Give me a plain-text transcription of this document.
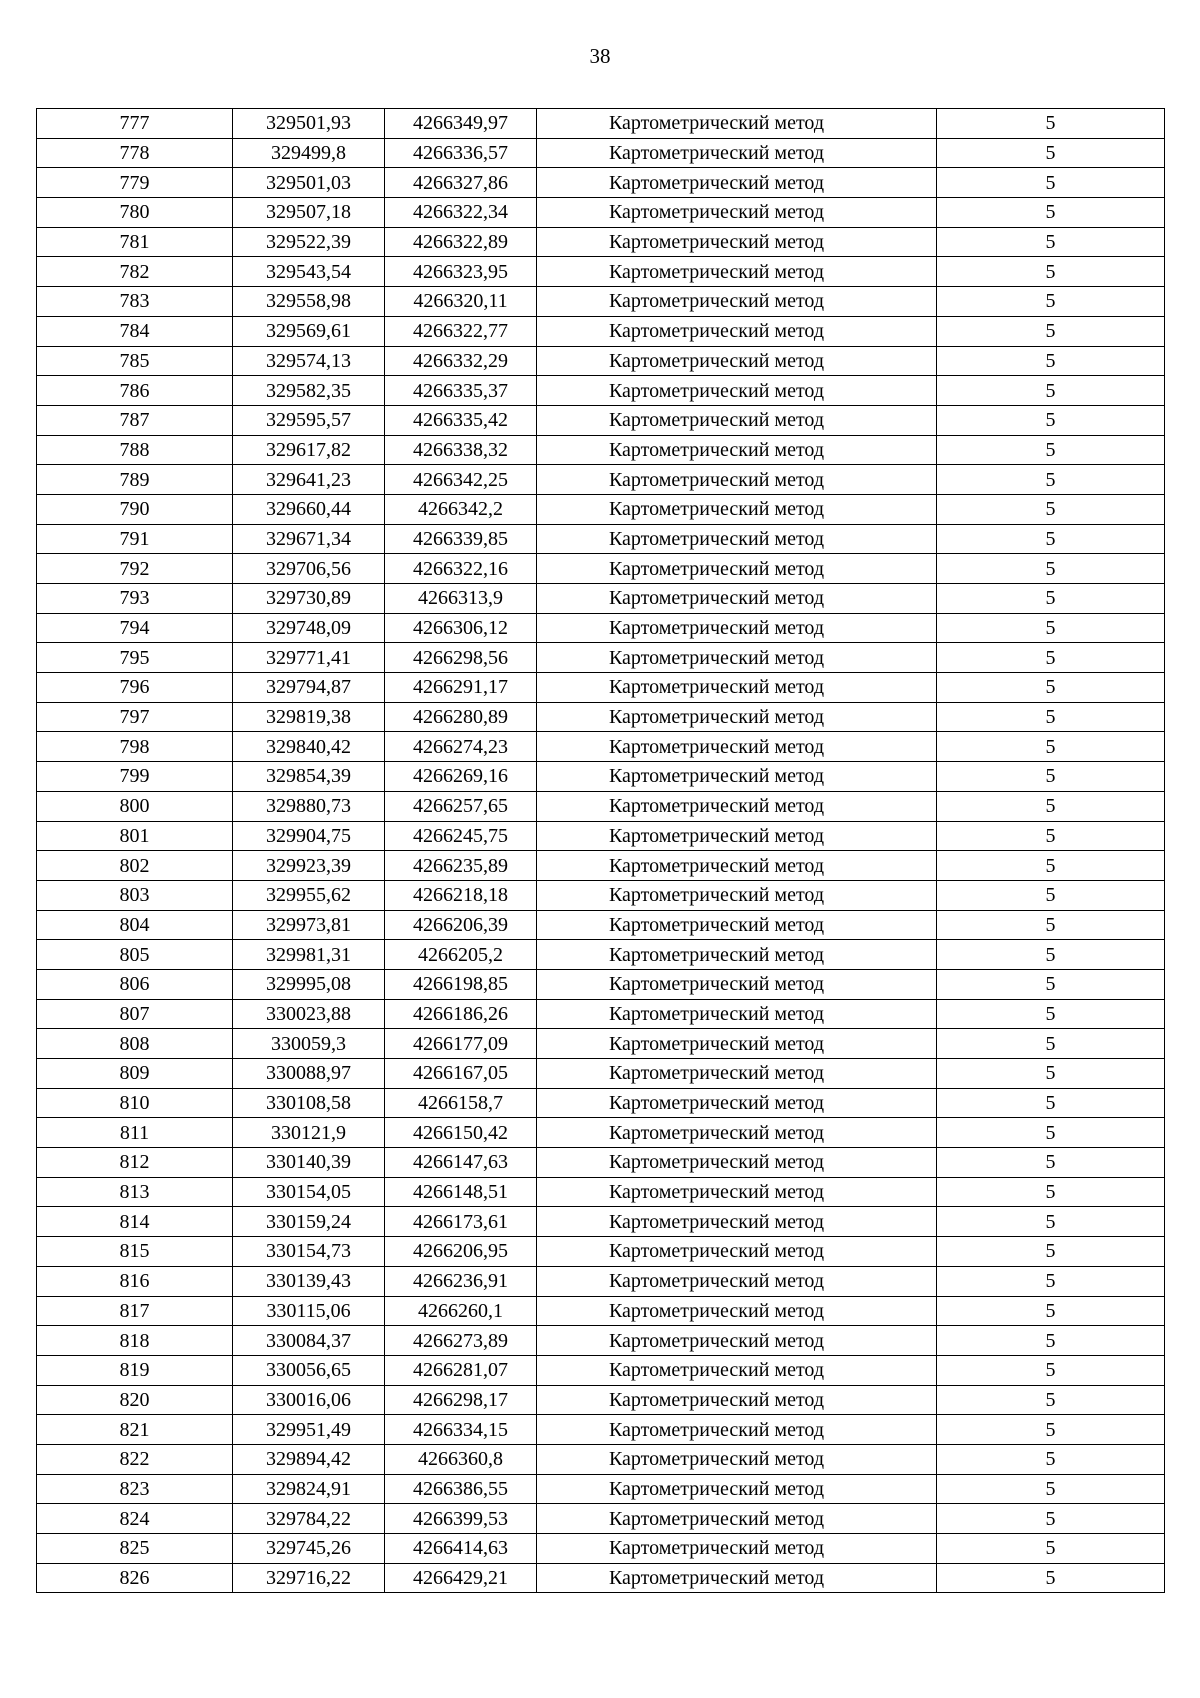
38
777	329501,93	4266349,97	Картометрический метод	5
778	329499,8	4266336,57	Картометрический метод	5
779	329501,03	4266327,86	Картометрический метод	5
780	329507,18	4266322,34	Картометрический метод	5
781	329522,39	4266322,89	Картометрический метод	5
782	329543,54	4266323,95	Картометрический метод	5
783	329558,98	4266320,11	Картометрический метод	5
784	329569,61	4266322,77	Картометрический метод	5
785	329574,13	4266332,29	Картометрический метод	5
786	329582,35	4266335,37	Картометрический метод	5
787	329595,57	4266335,42	Картометрический метод	5
788	329617,82	4266338,32	Картометрический метод	5
789	329641,23	4266342,25	Картометрический метод	5
790	329660,44	4266342,2	Картометрический метод	5
791	329671,34	4266339,85	Картометрический метод	5
792	329706,56	4266322,16	Картометрический метод	5
793	329730,89	4266313,9	Картометрический метод	5
794	329748,09	4266306,12	Картометрический метод	5
795	329771,41	4266298,56	Картометрический метод	5
796	329794,87	4266291,17	Картометрический метод	5
797	329819,38	4266280,89	Картометрический метод	5
798	329840,42	4266274,23	Картометрический метод	5
799	329854,39	4266269,16	Картометрический метод	5
800	329880,73	4266257,65	Картометрический метод	5
801	329904,75	4266245,75	Картометрический метод	5
802	329923,39	4266235,89	Картометрический метод	5
803	329955,62	4266218,18	Картометрический метод	5
804	329973,81	4266206,39	Картометрический метод	5
805	329981,31	4266205,2	Картометрический метод	5
806	329995,08	4266198,85	Картометрический метод	5
807	330023,88	4266186,26	Картометрический метод	5
808	330059,3	4266177,09	Картометрический метод	5
809	330088,97	4266167,05	Картометрический метод	5
810	330108,58	4266158,7	Картометрический метод	5
811	330121,9	4266150,42	Картометрический метод	5
812	330140,39	4266147,63	Картометрический метод	5
813	330154,05	4266148,51	Картометрический метод	5
814	330159,24	4266173,61	Картометрический метод	5
815	330154,73	4266206,95	Картометрический метод	5
816	330139,43	4266236,91	Картометрический метод	5
817	330115,06	4266260,1	Картометрический метод	5
818	330084,37	4266273,89	Картометрический метод	5
819	330056,65	4266281,07	Картометрический метод	5
820	330016,06	4266298,17	Картометрический метод	5
821	329951,49	4266334,15	Картометрический метод	5
822	329894,42	4266360,8	Картометрический метод	5
823	329824,91	4266386,55	Картометрический метод	5
824	329784,22	4266399,53	Картометрический метод	5
825	329745,26	4266414,63	Картометрический метод	5
826	329716,22	4266429,21	Картометрический метод	5
